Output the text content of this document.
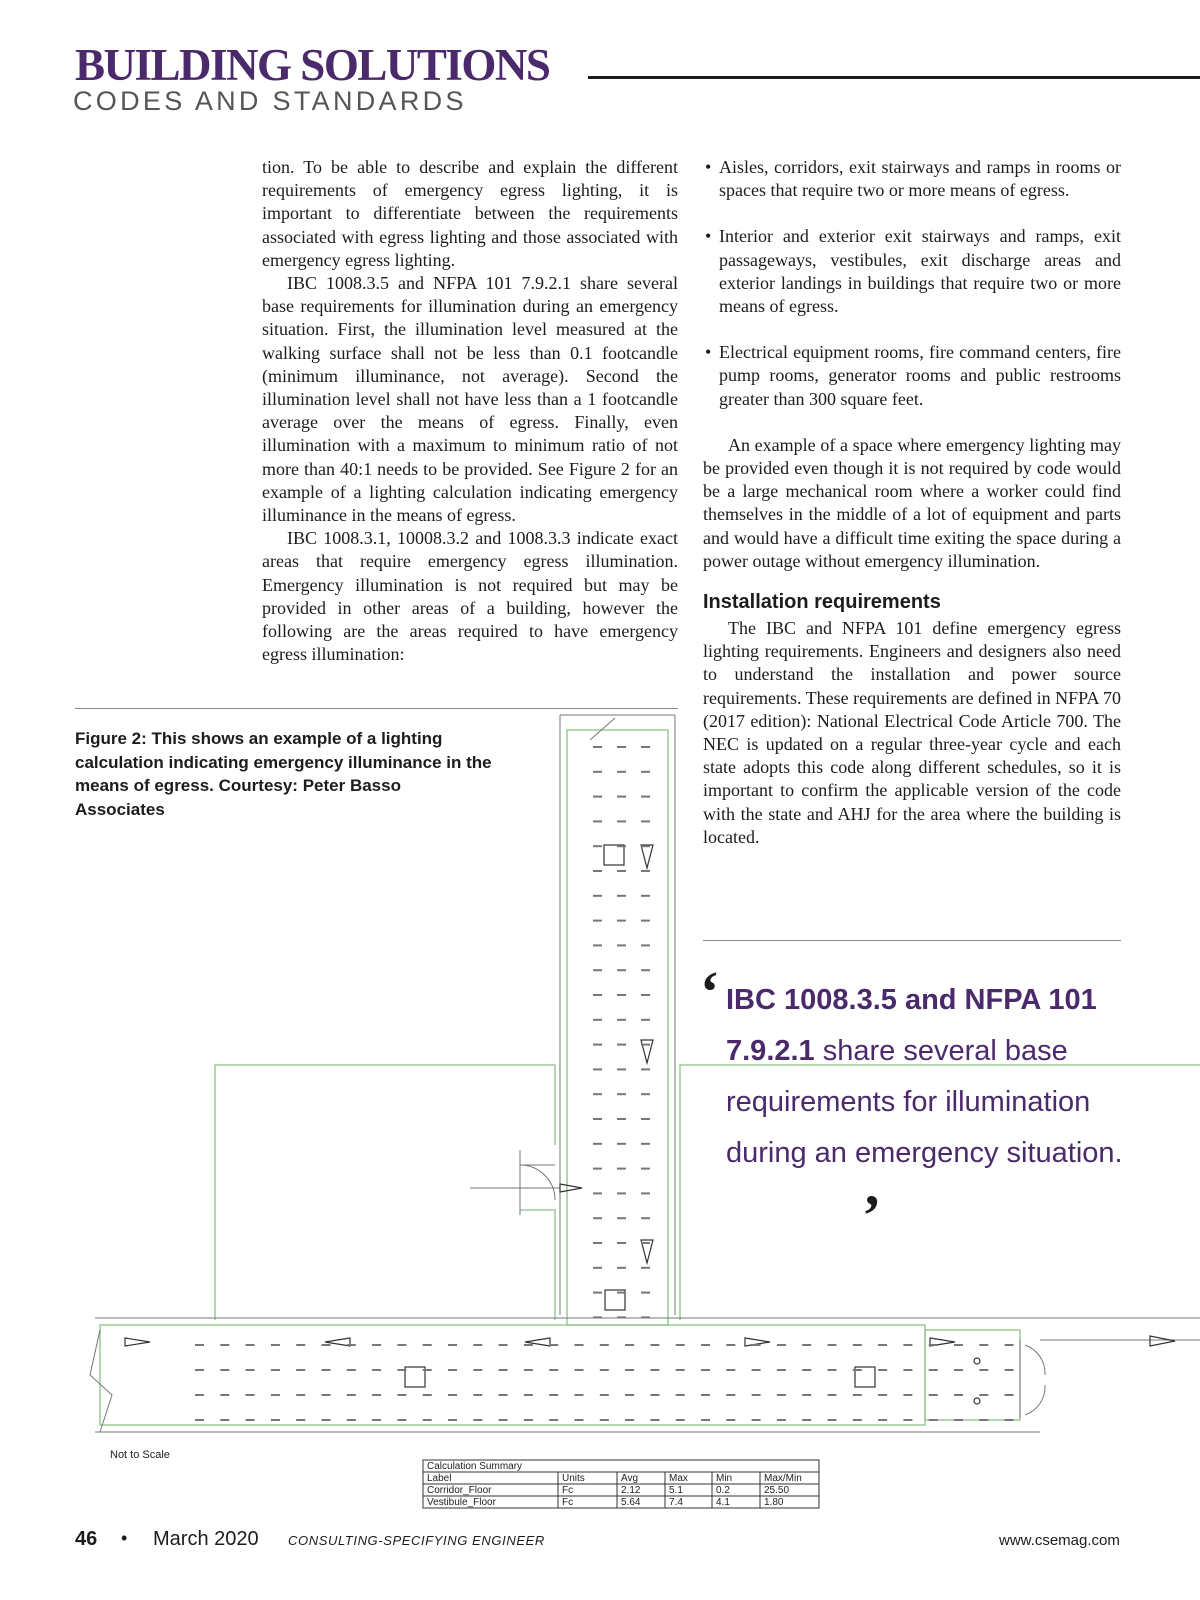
BUILDING SOLUTIONS
CODES AND STANDARDS

tion. To be able to describe and explain the different requirements of emergency egress lighting, it is important to differentiate between the requirements associated with egress lighting and those associated with emergency egress lighting.

IBC 1008.3.5 and NFPA 101 7.9.2.1 share several base requirements for illumination during an emergency situation. First, the illumination level measured at the walking surface shall not be less than 0.1 footcandle (minimum illuminance, not average). Second the illumination level shall not have less than a 1 footcandle average over the means of egress. Finally, even illumination with a maximum to minimum ratio of not more than 40:1 needs to be provided. See Figure 2 for an example of a lighting calculation indicating emergency illuminance in the means of egress.

IBC 1008.3.1, 10008.3.2 and 1008.3.3 indicate exact areas that require emergency egress illumination. Emergency illumination is not required but may be provided in other areas of a building, however the following are the areas required to have emergency egress illumination:

• Aisles, corridors, exit stairways and ramps in rooms or spaces that require two or more means of egress.

• Interior and exterior exit stairways and ramps, exit passageways, vestibules, exit discharge areas and exterior landings in buildings that require two or more means of egress.

• Electrical equipment rooms, fire command centers, fire pump rooms, generator rooms and public restrooms greater than 300 square feet.

An example of a space where emergency lighting may be provided even though it is not required by code would be a large mechanical room where a worker could find themselves in the middle of a lot of equipment and parts and would have a difficult time exiting the space during a power outage without emergency illumination.

Installation requirements

The IBC and NFPA 101 define emergency egress lighting requirements. Engineers and designers also need to understand the installation and power source requirements. These requirements are defined in NFPA 70 (2017 edition): National Electrical Code Article 700. The NEC is updated on a regular three-year cycle and each state adopts this code along different schedules, so it is important to confirm the applicable version of the code with the state and AHJ for the area where the building is located.

Figure 2: This shows an example of a lighting calculation indicating emergency illuminance in the means of egress. Courtesy: Peter Basso Associates
‘ IBC 1008.3.5 and NFPA 101 7.9.2.1 share several base requirements for illumination during an emergency situation.
’
Not to Scale
Calculation Summary
Label	Units	Avg	Max	Min	Max/Min
Corridor_Floor	Fc	2.12	5.1	0.2	25.50
Vestibule_Floor	Fc	5.64	7.4	4.1	1.80
46 • March 2020 CONSULTING-SPECIFYING ENGINEER	www.csemag.com
